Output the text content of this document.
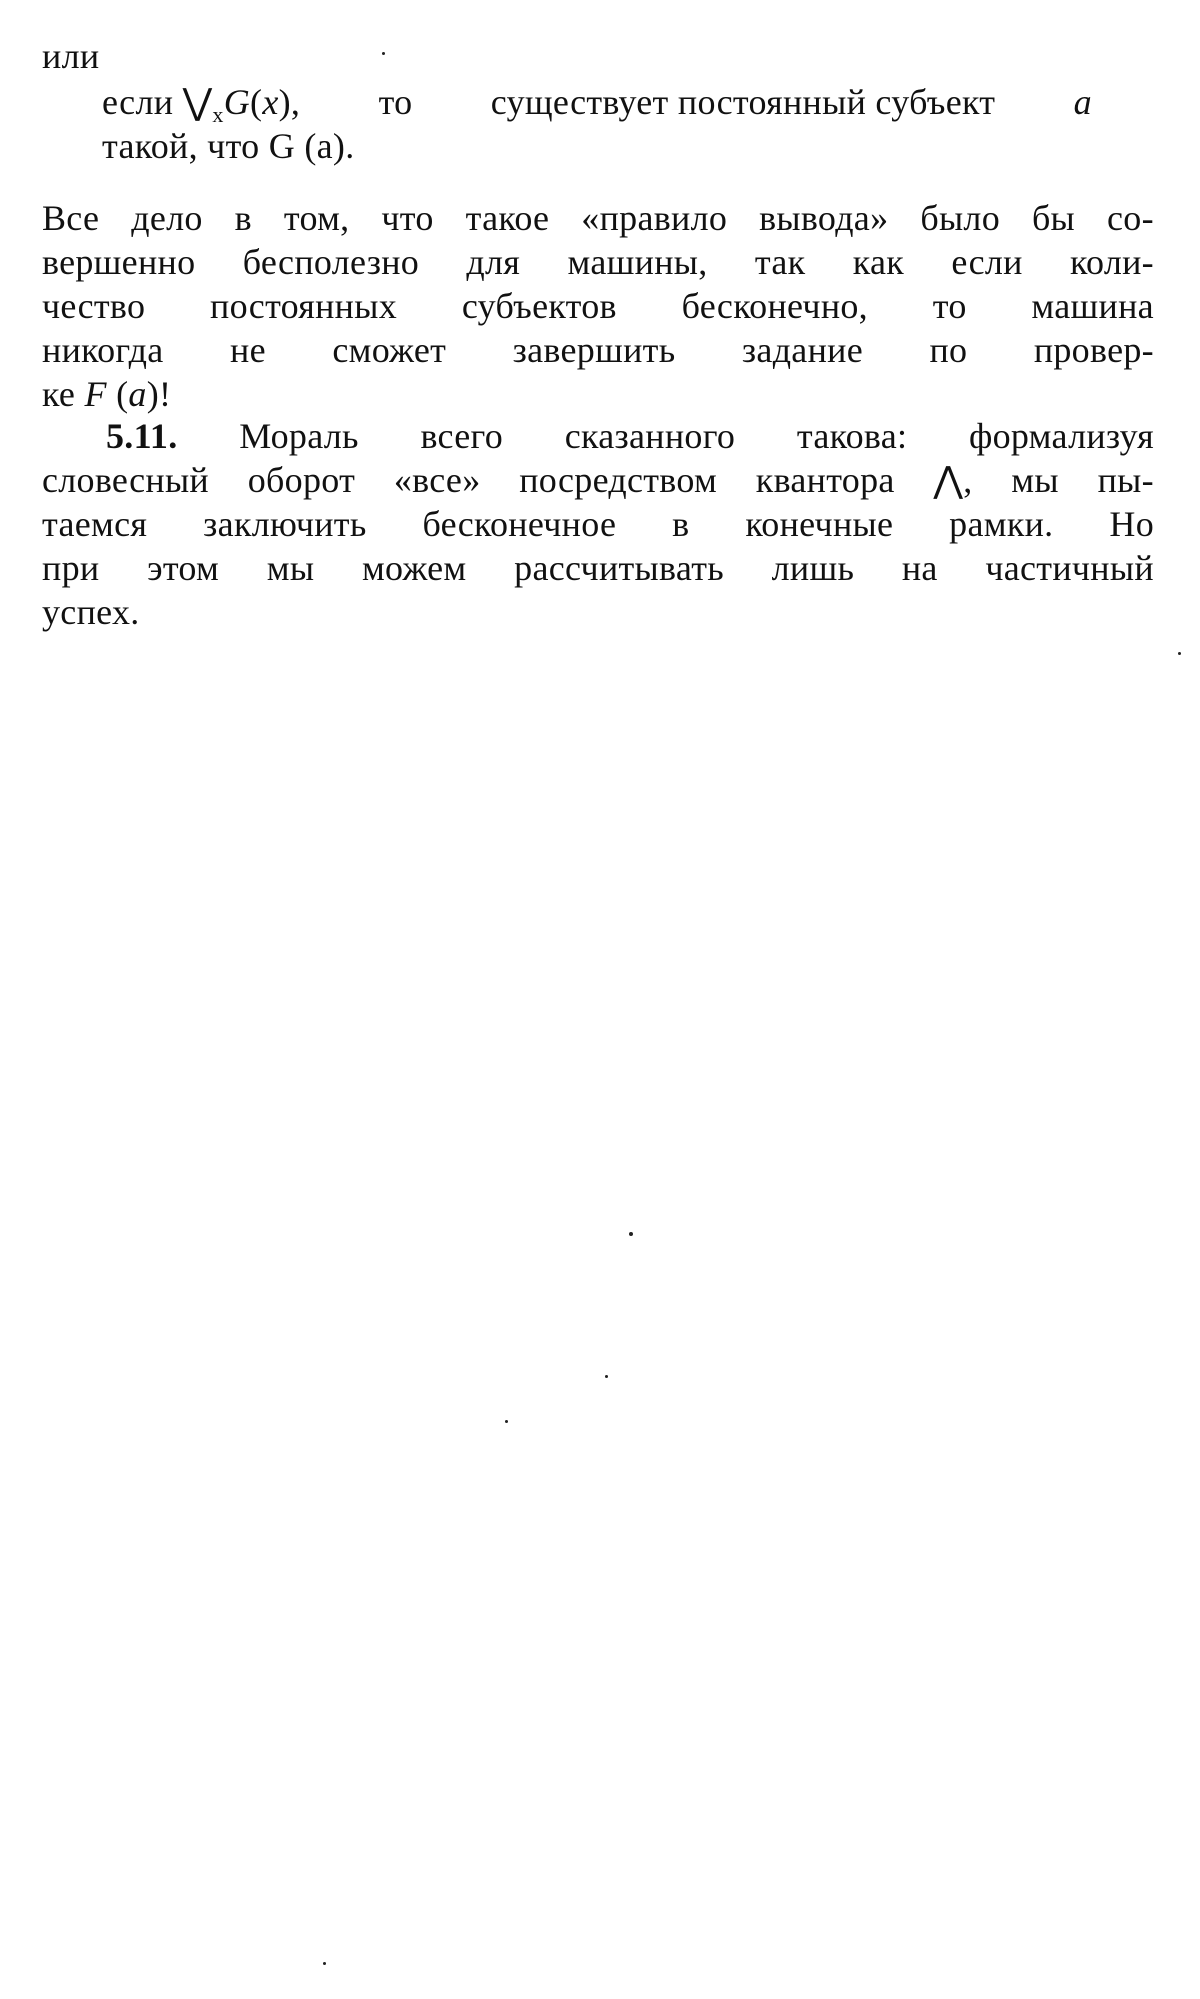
или
если $⋁_xG(x)$, то существует постоянный субъект a
такой, что G (a).
Все дело в том, что такое «правило вывода» было бы со-
вершенно бесполезно для машины, так как если коли-
чество постоянных субъектов бесконечно, то машина
никогда не сможет завершить задание по провер-
ке F (a)!
5.11. Мораль всего сказанного такова: формализуя
словесный оборот «все» посредством квантора ⋀, мы пы-
таемся заключить бесконечное в конечные рамки. Но
при этом мы можем рассчитывать лишь на частичный
успех.
